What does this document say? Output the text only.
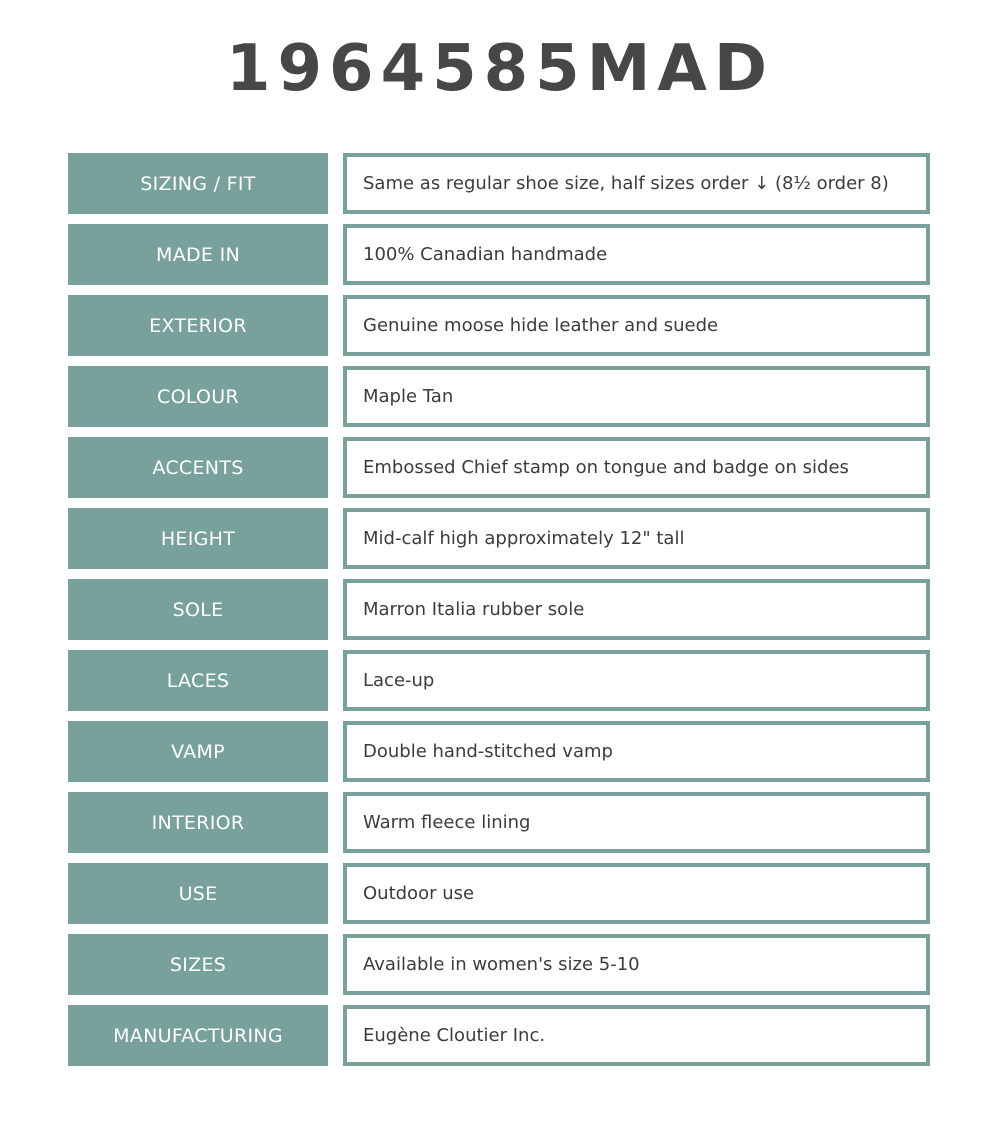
1964585MAD
SIZING / FIT	Same as regular shoe size, half sizes order ↓ (8½ order 8)
MADE IN	100% Canadian handmade
EXTERIOR	Genuine moose hide leather and suede
COLOUR	Maple Tan
ACCENTS	Embossed Chief stamp on tongue and badge on sides
HEIGHT	Mid-calf high approximately 12" tall
SOLE	Marron Italia rubber sole
LACES	Lace-up
VAMP	Double hand-stitched vamp
INTERIOR	Warm fleece lining
USE	Outdoor use
SIZES	Available in women's size 5-10
MANUFACTURING	Eugène Cloutier Inc.
